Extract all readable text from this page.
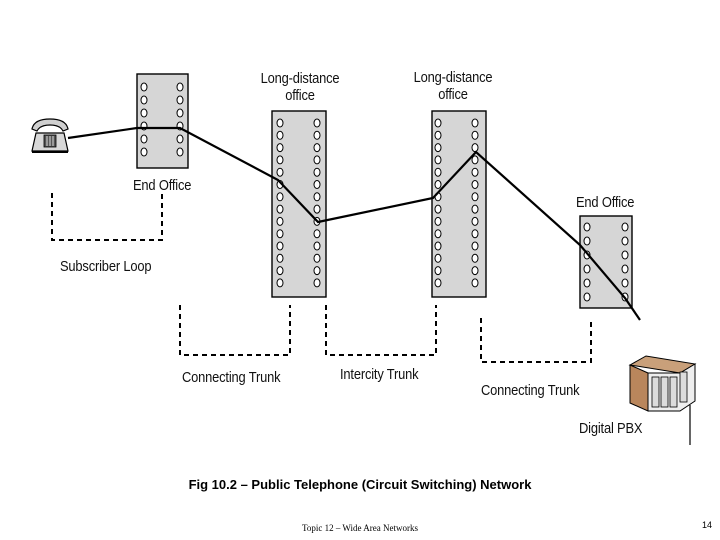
Long-distance
office
Long-distance
office
End Office
End Office
Subscriber Loop
Connecting Trunk	Intercity Trunk
Connecting Trunk
Digital PBX
Fig 10.2 – Public Telephone (Circuit Switching) Network
Topic 12 – Wide Area Networks	14
